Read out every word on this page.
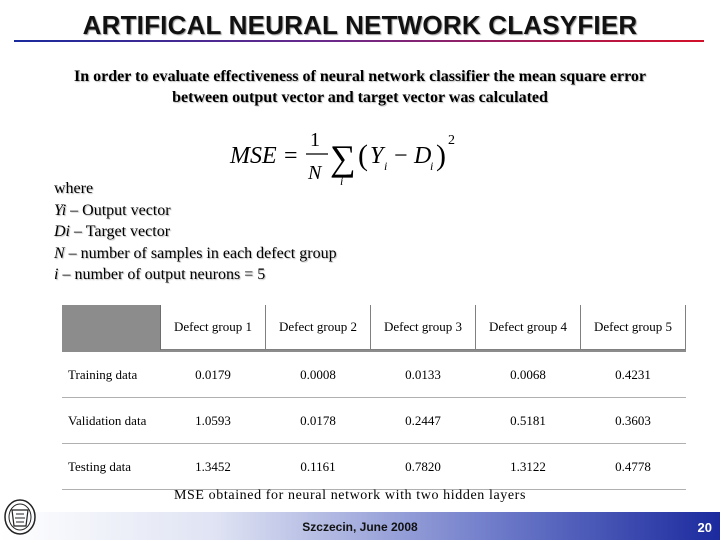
ARTIFICAL NEURAL NETWORK CLASYFIER
In order to evaluate effectiveness of neural network classifier the mean square error
between output vector and target vector was calculated
MSE =
1
N ∑
i
( Y i − D
i ) 2
where
Yi – Output vector
Di – Target vector
N – number of samples in each defect group
i – number of output neurons = 5
	Defect group 1	Defect group 2	Defect group 3	Defect group 4	Defect group 5

Training data	0.0179	0.0008	0.0133	0.0068	0.4231
Validation data	1.0593	0.0178	0.2447	0.5181	0.3603
Testing data	1.3452	0.1161	0.7820	1.3122	0.4778
MSE obtained for neural network with two hidden layers
Szczecin, June 2008	20
